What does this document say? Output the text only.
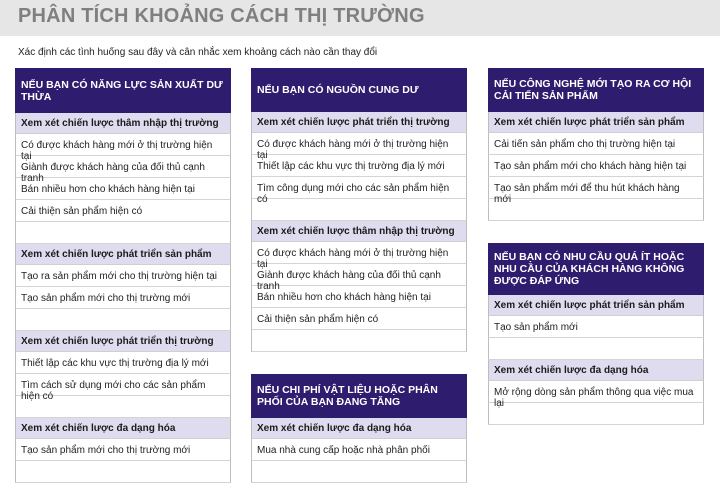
PHÂN TÍCH KHOẢNG CÁCH THỊ TRƯỜNG
Xác định các tình huống sau đây và cân nhắc xem khoảng cách nào cần thay đổi
NẾU BẠN CÓ NĂNG LỰC SẢN XUẤT DƯ THỪA
Xem xét chiến lược thâm nhập thị trường
Có được khách hàng mới ở thị trường hiện tại
Giành được khách hàng của đối thủ cạnh tranh
Bán nhiều hơn cho khách hàng hiện tại
Cải thiện sản phẩm hiện có
Xem xét chiến lược phát triển sản phẩm
Tạo ra sản phẩm mới cho thị trường hiện tại
Tạo sản phẩm mới cho thị trường mới
Xem xét chiến lược phát triển thị trường
Thiết lập các khu vực thị trường địa lý mới
Tìm cách sử dụng mới cho các sản phẩm hiện có
Xem xét chiến lược đa dạng hóa
Tạo sản phẩm mới cho thị trường mới
NẾU BẠN CÓ NGUỒN CUNG DƯ
Xem xét chiến lược phát triển thị trường
Có được khách hàng mới ở thị trường hiện tại
Thiết lập các khu vực thị trường địa lý mới
Tìm công dụng mới cho các sản phẩm hiện có
Xem xét chiến lược thâm nhập thị trường
Có được khách hàng mới ở thị trường hiện tại
Giành được khách hàng của đối thủ cạnh tranh
Bán nhiều hơn cho khách hàng hiện tại
Cải thiện sản phẩm hiện có
NẾU CHI PHÍ VẬT LIỆU HOẶC PHÂN PHỐI CỦA BẠN ĐANG TĂNG
Xem xét chiến lược đa dạng hóa
Mua nhà cung cấp hoặc nhà phân phối
NẾU CÔNG NGHỆ MỚI TẠO RA CƠ HỘI CẢI TIẾN SẢN PHẨM
Xem xét chiến lược phát triển sản phẩm
Cải tiến sản phẩm cho thị trường hiện tại
Tạo sản phẩm mới cho khách hàng hiện tại
Tạo sản phẩm mới để thu hút khách hàng mới
NẾU BẠN CÓ NHU CẦU QUÁ ÍT HOẶC NHU CẦU CỦA KHÁCH HÀNG KHÔNG ĐƯỢC ĐÁP ỨNG
Xem xét chiến lược phát triển sản phẩm
Tạo sản phẩm mới
Xem xét chiến lược đa dạng hóa
Mở rộng dòng sản phẩm thông qua việc mua lại
